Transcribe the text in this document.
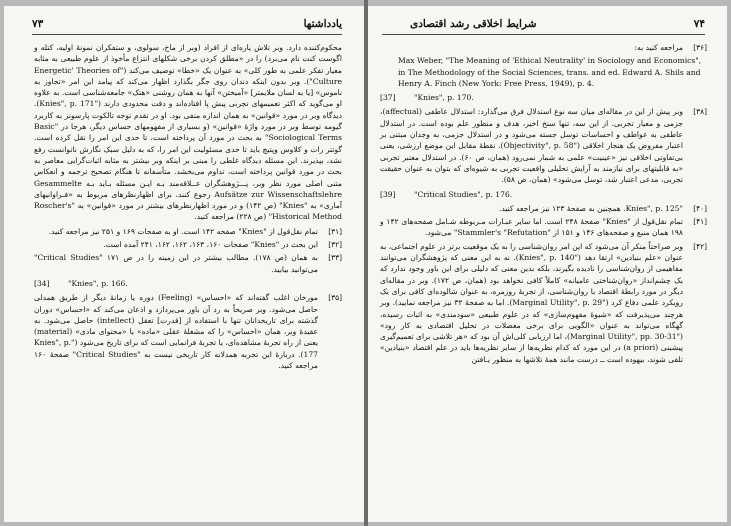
۷۳	یادداشتها

محکوم‌کننده دارد. وبر تلاش یاره‌ای از افراد (وبر از ماخ، سولوی، و ستفکران نمونهٔ اولیه، کتله و اگوست کنت نام می‌برد) را در «مطلق کردن برخی شکلهای انتزاع مأخوذ از علوم طبیعی به مثابه معیار تفکر علمی به طور کلی» به عنوان یک «خطا» توصیف می‌کند ("Energetic' Theories of Culture"). وبر بدون اینکه دندان روی جگر بگذارد اظهار می‌کند که پیامد این امر «تجاوز به ناموس» [یا به لسان ملایمتر] «آمیختن» آنها به همان روشنی «هتک» جامعه‌شناسی است. به علاوه او می‌گوید که اکثر تعمیمهای تجربی پیش پا افتاده‌اند و دقت محدودی دارند ("Knies", p. 171). دیدگاه وبر در مورد «قوانین» به همان اندازه منفی بود. او در تقدم توجه تالکوت پارسونز به کاربرد گیومه توسط وبر در مورد واژهٔ «قوانین» (و بسیاری از مفهومهای حساس دیگر، هرجا در "Basic Sociological Terms" به بحث در مورد آن پرداخته است، تا حدی این امر را نقل کرده است. گوتتر رات و کلاوس وپتیچ باید تا حدی مسئولیت این امر را، که به دلیل سبک نگارش ناتوانست رفع نشد، بپذیرند. این مسئله دیدگاه غلطی را مبنی بر اینکه وبر بیشتر به مثابه اثبات‌گرایی معاصر به بحث در مورد قوانین پرداخته است، تداوم می‌بخشد. متأسفانه تا هنگام تصحیح ترجمه و انعکاس متنی اصلی مورد نظر وبر، پـــژوهشگران عــلاقه‌مند بـه ایـن مسئله بـاید بـه Gesammelte Aufsätze zur Wissenschaftslehre رجوع کنند. برای اظهارنظرهای مربوط به «فـراوانیهای آماری» به "Knies" (ص ۱۴۲) و در مورد اظهارنظرهای بیشتر در مورد «قوانین» به "Roscher's Historical Method" (ص ۲۲۸) مراجعه کنید.

[۳۱]
تمام نقل‌قول از "Knies" صفحه ۱۴۲ است. او به صفحات ۱۶۹ و ۲۵۱ نیز مراجعه کنید.
[۳۲]
این بحث در "Knies" صفحات ۱۶۰، ۱۶۳، ۱۶۲، ۱۶۲، ۲۴۱ آمده است.
[۳۳]
به همان (ص ۱۷۸). مطالب بیشتر در این زمینه را در ص ۱۷۱ "Critical Studies" می‌توانید بیابید.
[34] "Knies", p. 166.
[۳۵]
مورخان اغلب گفته‌اند که «احساس» (Feeling) دوره یا زمانهٔ دیگر از طریق همدلی حاصل می‌شود. وبر صریحاً به رد آن باور می‌پردازد و اذعان می‌کند که «احساس» دوران گذشته برای تاریخدانان تنها با استفاده از [قدرت] تعقل (intellect) حاصل می‌شود. به عقیدهٔ وبر، همان «احساس» را که مشغلهٔ عقلی «ماده» یا «محتوای مادی» (material) یعنی از راه تجربهٔ مشاهده‌ای، یا تجربهٔ فرانمایی است که برای تاریخ می‌شود ("Knies", p. 177). دربارهٔ این تجربه همدلانه کار تاریخی نیست به "Critical Studies" صفحهٔ ۱۶۰ مراجعه کنید.
شرایط اخلاقی رشد اقتصادی	۷۴
[۳۶]
مراجعه کنید به:

Max Weber, "The Meaning of 'Ethical Neutrality' in Sociology and Economics", in The Methodology of the Social Sciences, trans. and ed. Edward A. Shils and Henry A. Finch (New York: Free Press, 1949), p. 4.

[37] "Knies", p. 170.
[۳۸]
وبر پیش از این در مقاله‌ای میان سه نوع استدلال فرق می‌گذارد: استدلال عاطفی (affectual)، جزمی و معیار تجربی. از این سه، تنها سنخ اخیر، هدف و منظور علم بوده است. در استدلال عاطفی به عواطف و احساسات توسل جسته می‌شود و در استدلال جزمی، به وجدان مبتنی بر اعتبار مفروض یک هنجار اخلاقی ("Objectivity", p. 58). نقطهٔ مقابل این موضع ارزشی، یعنی بی‌تفاوتی اخلاقی نیز «عینیت» علمی به شمار نمی‌رود (همان، ص ۶۰). در استدلال معتبر تجربی «به قابلیتهای برای نیازمند به آرایش تحلیلی واقعیت تجربی به شیوه‌ای که بتوان به عنوان حقیقت تجربی، مدعی اعتبار شد، توسل می‌شود» (همان، ص ۵۸).
[39] "Critical Studies", p. 176.
[۴۰]
"Knies", p. 125. همچنین به صفحهٔ ۱۲۳ نیز مراجعه کنید.
[۴۱]
تمام نقل‌قول از "Knies" صفحهٔ ۲۴۸ است. اما سایر عبـارات مـربوطه شـامل صفحه‌های ۱۴۲ و ۱۹۸ همان منبع و صفحه‌های ۱۴۶ و ۱۵۱ از "Stammler's "Refutation" می‌شود.
[۴۲]
وبر صراحتاً منکر آن می‌شود که این امر روان‌شناسی را به یک موقعیت برتر در علوم اجتماعی، به عنوان «علم بنیادین» ارتقا دهد ("Knies", p. 140). نه به این معنی که پژوهشگران می‌توانند مفاهیمی از روان‌شناسی را نادیده بگیرند، بلکه بدین معنی که دلیلی برای این باور وجود ندارد که یک چشم‌انداز «روان‌شناختی عامیانه» کاملاً کافی نخواهد بود (همان، ص ۱۷۲). وبر در مقاله‌ای دیگر در مورد رابطهٔ اقتصاد با روان‌شناسی، از تجربهٔ روزمره، به عنوان شالوده‌ای کافی برای یک رویکرد علمی دفاع کرد ("Marginal Utility", p. 29). اما به صفحهٔ ۳۲ نیز مراجعه نمایید). وبر هرچند می‌پذیرفت که «شیوهٔ مفهوم‌سازی» که در علوم طبیعی «سودمندی» به اثبات رسیده، گهگاه می‌تواند به عنوان «الگویی برای برخی معضلات در تحلیل اقتصادی به کار رود» ("Marginal Utility", pp. 30-31)، اما ارزیابی کلی‌اش آن بود که «هر تلاشی برای تعمیم‌گیری پیشینی (a priori) در این مورد که کدام نظریه‌ها از سایر نظریه‌ها باید در علم اقتصاد «بنیادین» تلقی شوند، بیهوده است ــ درست مانند همهٔ تلاشها به منظور یـافتن
